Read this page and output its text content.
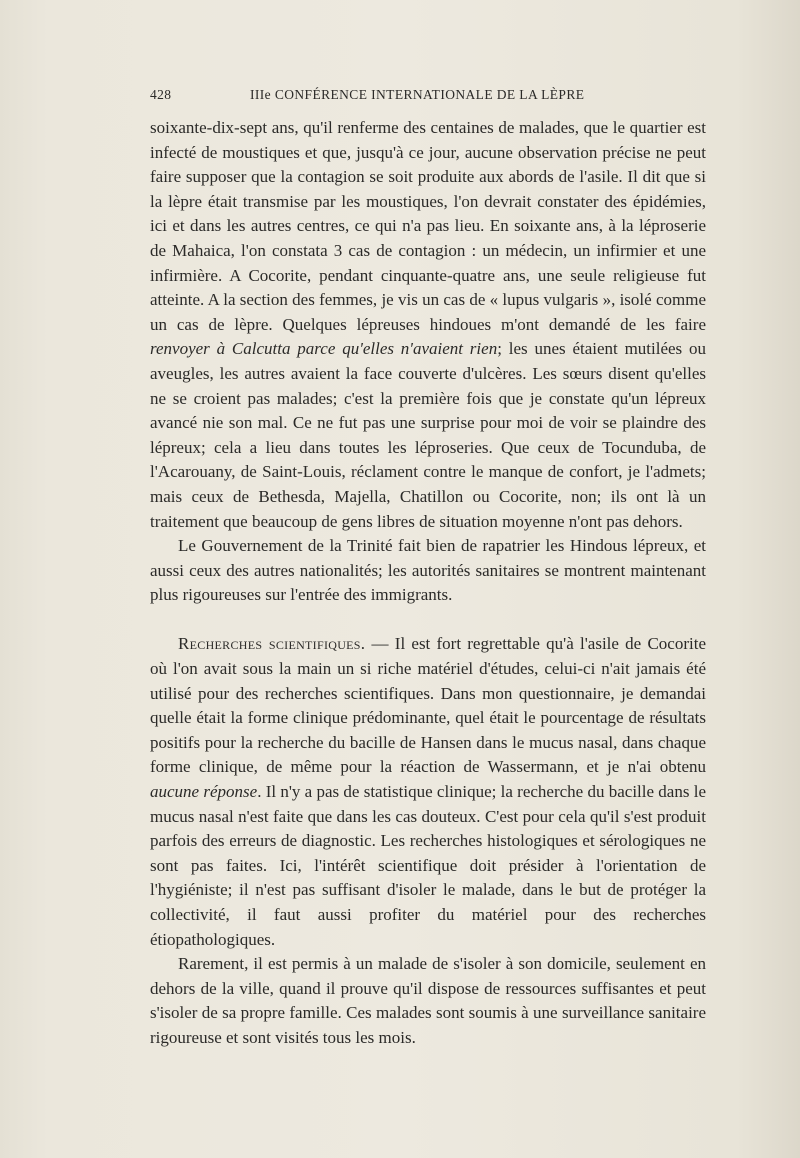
428	IIIe CONFÉRENCE INTERNATIONALE DE LA LÈPRE

soixante-dix-sept ans, qu'il renferme des centaines de malades, que le quartier est infecté de moustiques et que, jusqu'à ce jour, aucune observation précise ne peut faire supposer que la contagion se soit produite aux abords de l'asile. Il dit que si la lèpre était transmise par les moustiques, l'on devrait constater des épidémies, ici et dans les autres centres, ce qui n'a pas lieu. En soixante ans, à la léproserie de Mahaica, l'on constata 3 cas de contagion : un médecin, un infirmier et une infirmière. A Cocorite, pendant cinquante-quatre ans, une seule religieuse fut atteinte. A la section des femmes, je vis un cas de « lupus vulgaris », isolé comme un cas de lèpre. Quelques lépreuses hindoues m'ont demandé de les faire renvoyer à Calcutta parce qu'elles n'avaient rien; les unes étaient mutilées ou aveugles, les autres avaient la face couverte d'ulcères. Les sœurs disent qu'elles ne se croient pas malades; c'est la première fois que je constate qu'un lépreux avancé nie son mal. Ce ne fut pas une surprise pour moi de voir se plaindre des lépreux; cela a lieu dans toutes les léproseries. Que ceux de Tocunduba, de l'Acarouany, de Saint-Louis, réclament contre le manque de confort, je l'admets; mais ceux de Bethesda, Majella, Chatillon ou Cocorite, non; ils ont là un traitement que beaucoup de gens libres de situation moyenne n'ont pas dehors.

Le Gouvernement de la Trinité fait bien de rapatrier les Hindous lépreux, et aussi ceux des autres nationalités; les autorités sanitaires se montrent maintenant plus rigoureuses sur l'entrée des immigrants.

Recherches scientifiques. — Il est fort regrettable qu'à l'asile de Cocorite où l'on avait sous la main un si riche matériel d'études, celui-ci n'ait jamais été utilisé pour des recherches scientifiques. Dans mon questionnaire, je demandai quelle était la forme clinique prédominante, quel était le pourcentage de résultats positifs pour la recherche du bacille de Hansen dans le mucus nasal, dans chaque forme clinique, de même pour la réaction de Wassermann, et je n'ai obtenu aucune réponse. Il n'y a pas de statistique clinique; la recherche du bacille dans le mucus nasal n'est faite que dans les cas douteux. C'est pour cela qu'il s'est produit parfois des erreurs de diagnostic. Les recherches histologiques et sérologiques ne sont pas faites. Ici, l'intérêt scientifique doit présider à l'orientation de l'hygiéniste; il n'est pas suffisant d'isoler le malade, dans le but de protéger la collectivité, il faut aussi profiter du matériel pour des recherches étiopathologiques.

Rarement, il est permis à un malade de s'isoler à son domicile, seulement en dehors de la ville, quand il prouve qu'il dispose de ressources suffisantes et peut s'isoler de sa propre famille. Ces malades sont soumis à une surveillance sanitaire rigoureuse et sont visités tous les mois.
